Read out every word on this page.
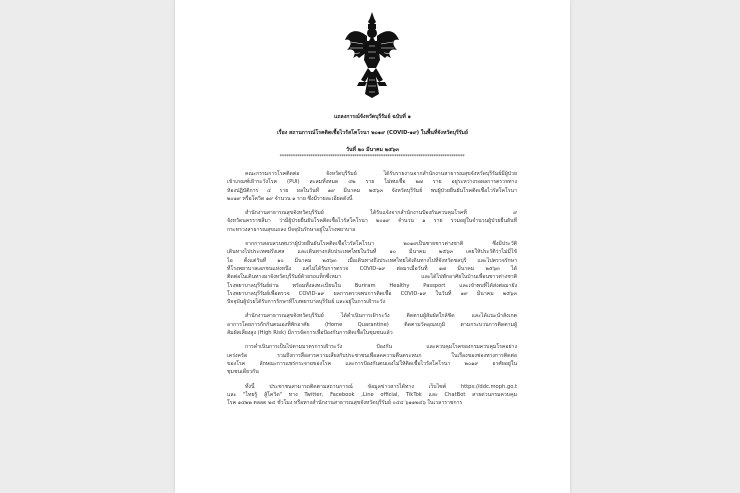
แถลงการณ์จังหวัดบุรีรัมย์ ฉบับที่ ๑
เรื่อง สถานการณ์โรคติดเชื้อไวรัสโคโรนา ๒๐๑๙ (COVID-๑๙) ในพื้นที่จังหวัดบุรีรัมย์
วันที่ ๒๐ มีนาคม ๒๕๖๓
************************************************************************************
คณะกรรมการโรคติดต่อ จังหวัดบุรีรัมย์ ได้รับรายงานจากสำนักงานสาธารณสุขจังหวัดบุรีรัมย์มีผู้ป่วย
เข้าเกณฑ์เฝ้าระวังโรค (PUI) สะสมทั้งหมด ๔๒ ราย ไม่พบเชื้อ ๒๗ ราย อยู่ระหว่างรอผลการตรวจทาง
ห้องปฏิบัติการ ๔ ราย ผลในวันที่ ๑๙ มีนาคม ๒๕๖๓ จังหวัดบุรีรัมย์ พบผู้ป่วยยืนยันโรคติดเชื้อไวรัสโคโรนา
๒๐๑๙ หรือโควิด ๑๙ จำนวน ๑ ราย ซึ่งมีรายละเอียดดังนี้
สำนักงานสาธารณสุขจังหวัดบุรีรัมย์ ได้รับแจ้งจากสำนักงานป้องกันควบคุมโรคที่ ๙
จังหวัดนครราชสีมา ว่ามีผู้ป่วยยืนยันโรคติดเชื้อไวรัสโคโรนา ๒๐๑๙ จำนวน ๑ ราย รวมอยู่ในจำนวนผู้ป่วยยืนยันที่
กระทรวงสาธารณสุขแถลง ปัจจุบันรักษาอยู่ในโรงพยาบาล
จากการสอบสวนพบว่าผู้ป่วยยืนยันโรคติดเชื้อไวรัสโคโรนา ๒๐๑๙เป็นชายชาวต่างชาติ ซึ่งมีประวัติ
เดินทางไปประเทศฝรั่งเศส และเดินทางกลับประเทศไทยในวันที่ ๑๐ มีนาคม ๒๕๖๓ เคยให้ประวัติว่าไม่มีไข้
ไอ ตั้งแต่วันที่ ๑๐ มีนาคม ๒๕๖๓ เมื่อเดินทางถึงประเทศไทยได้เดินทางไปที่จังหวัดชลบุรี และไปตรวจรักษา
ที่โรงพยาบาลเอกชนแห่งหนึ่ง แต่ไม่ได้รับการตรวจ COVID-๑๙ ต่อมาเมื่อวันที่ ๑๗ มีนาคม ๒๕๖๓ ได้
ติดต่อในเดินทางมาจังหวัดบุรีรัมย์ด้วยรถแท็กซี่เหมา และได้ไปพักอาศัยในบ้านเพื่อนชาวต่างชาติ
โรงพยาบาลบุรีรัมย์ผ่าน พร้อมทั้งลงทะเบียนใน Buriram Healthy Passport และเข้าพบที่ได้ส่งต่อมายัง
โรงพยาบาลบุรีรัมย์เพื่อตรวจ COVID-๑๙ ผลการตรวจพบการติดเชื้อ COVID-๑๙ ในวันที่ ๑๙ มีนาคม ๒๕๖๓
ปัจจุบันผู้ป่วยได้รับการรักษาที่โรงพยาบาลบุรีรัมย์ และอยู่ในการเฝ้าระวัง
สำนักงานสาธารณสุขจังหวัดบุรีรัมย์ ได้ดำเนินการเฝ้าระวัง ติดตามผู้สัมผัสใกล้ชิด และได้แนะนำสังเกต
อาการโดยการกักกันตนเองที่พักอาศัย (Home Quarantine) ติดตามวัดอุณหภูมิ ตามกระบวนการติดตามผู้
สัมผัสเสี่ยงสูง (High Risk) มีการจัดการเพื่อป้องกันการติดเชื้อในชุมชนแล้ว
การดำเนินการเป็นไปตามมาตรการเฝ้าระวัง ป้องกัน และควบคุมโรคของกรมควบคุมโรคอย่าง
เคร่งครัด รวมถึงการสื่อสารความเสี่ยงกับประชาชนเพื่อลดความตื่นตระหนก ในเรื่องของช่องทางการติดต่อ
ของโรค ลักษณะการแพร่กระจายของโรค และการป้องกันตนเองไม่ให้ติดเชื้อไวรัสโคโรนา ๒๐๑๙ อาศัยอยู่ใน
ชุมชนเดียวกัน
ทั้งนี้ ประชาชนสามารถติดตามสถานการณ์ ข้อมูลข่าวสารได้ทาง เว็บไซต์ https://ddc.moph.go.t
และ "ไทยรู้ สู้โควิด" ทาง Twitter, Facebook ,Line official, TikTok และ ChatBot สายด่วนกรมควบคุม
โรค ๑๔๒๒ ตลอด ๒๔ ชั่วโมง หรือทางสำนักงานสาธารณสุขจังหวัดบุรีรัมย์ ๐๔๔ ๖๑๑๒๔๖ ในเวลาราชการ
